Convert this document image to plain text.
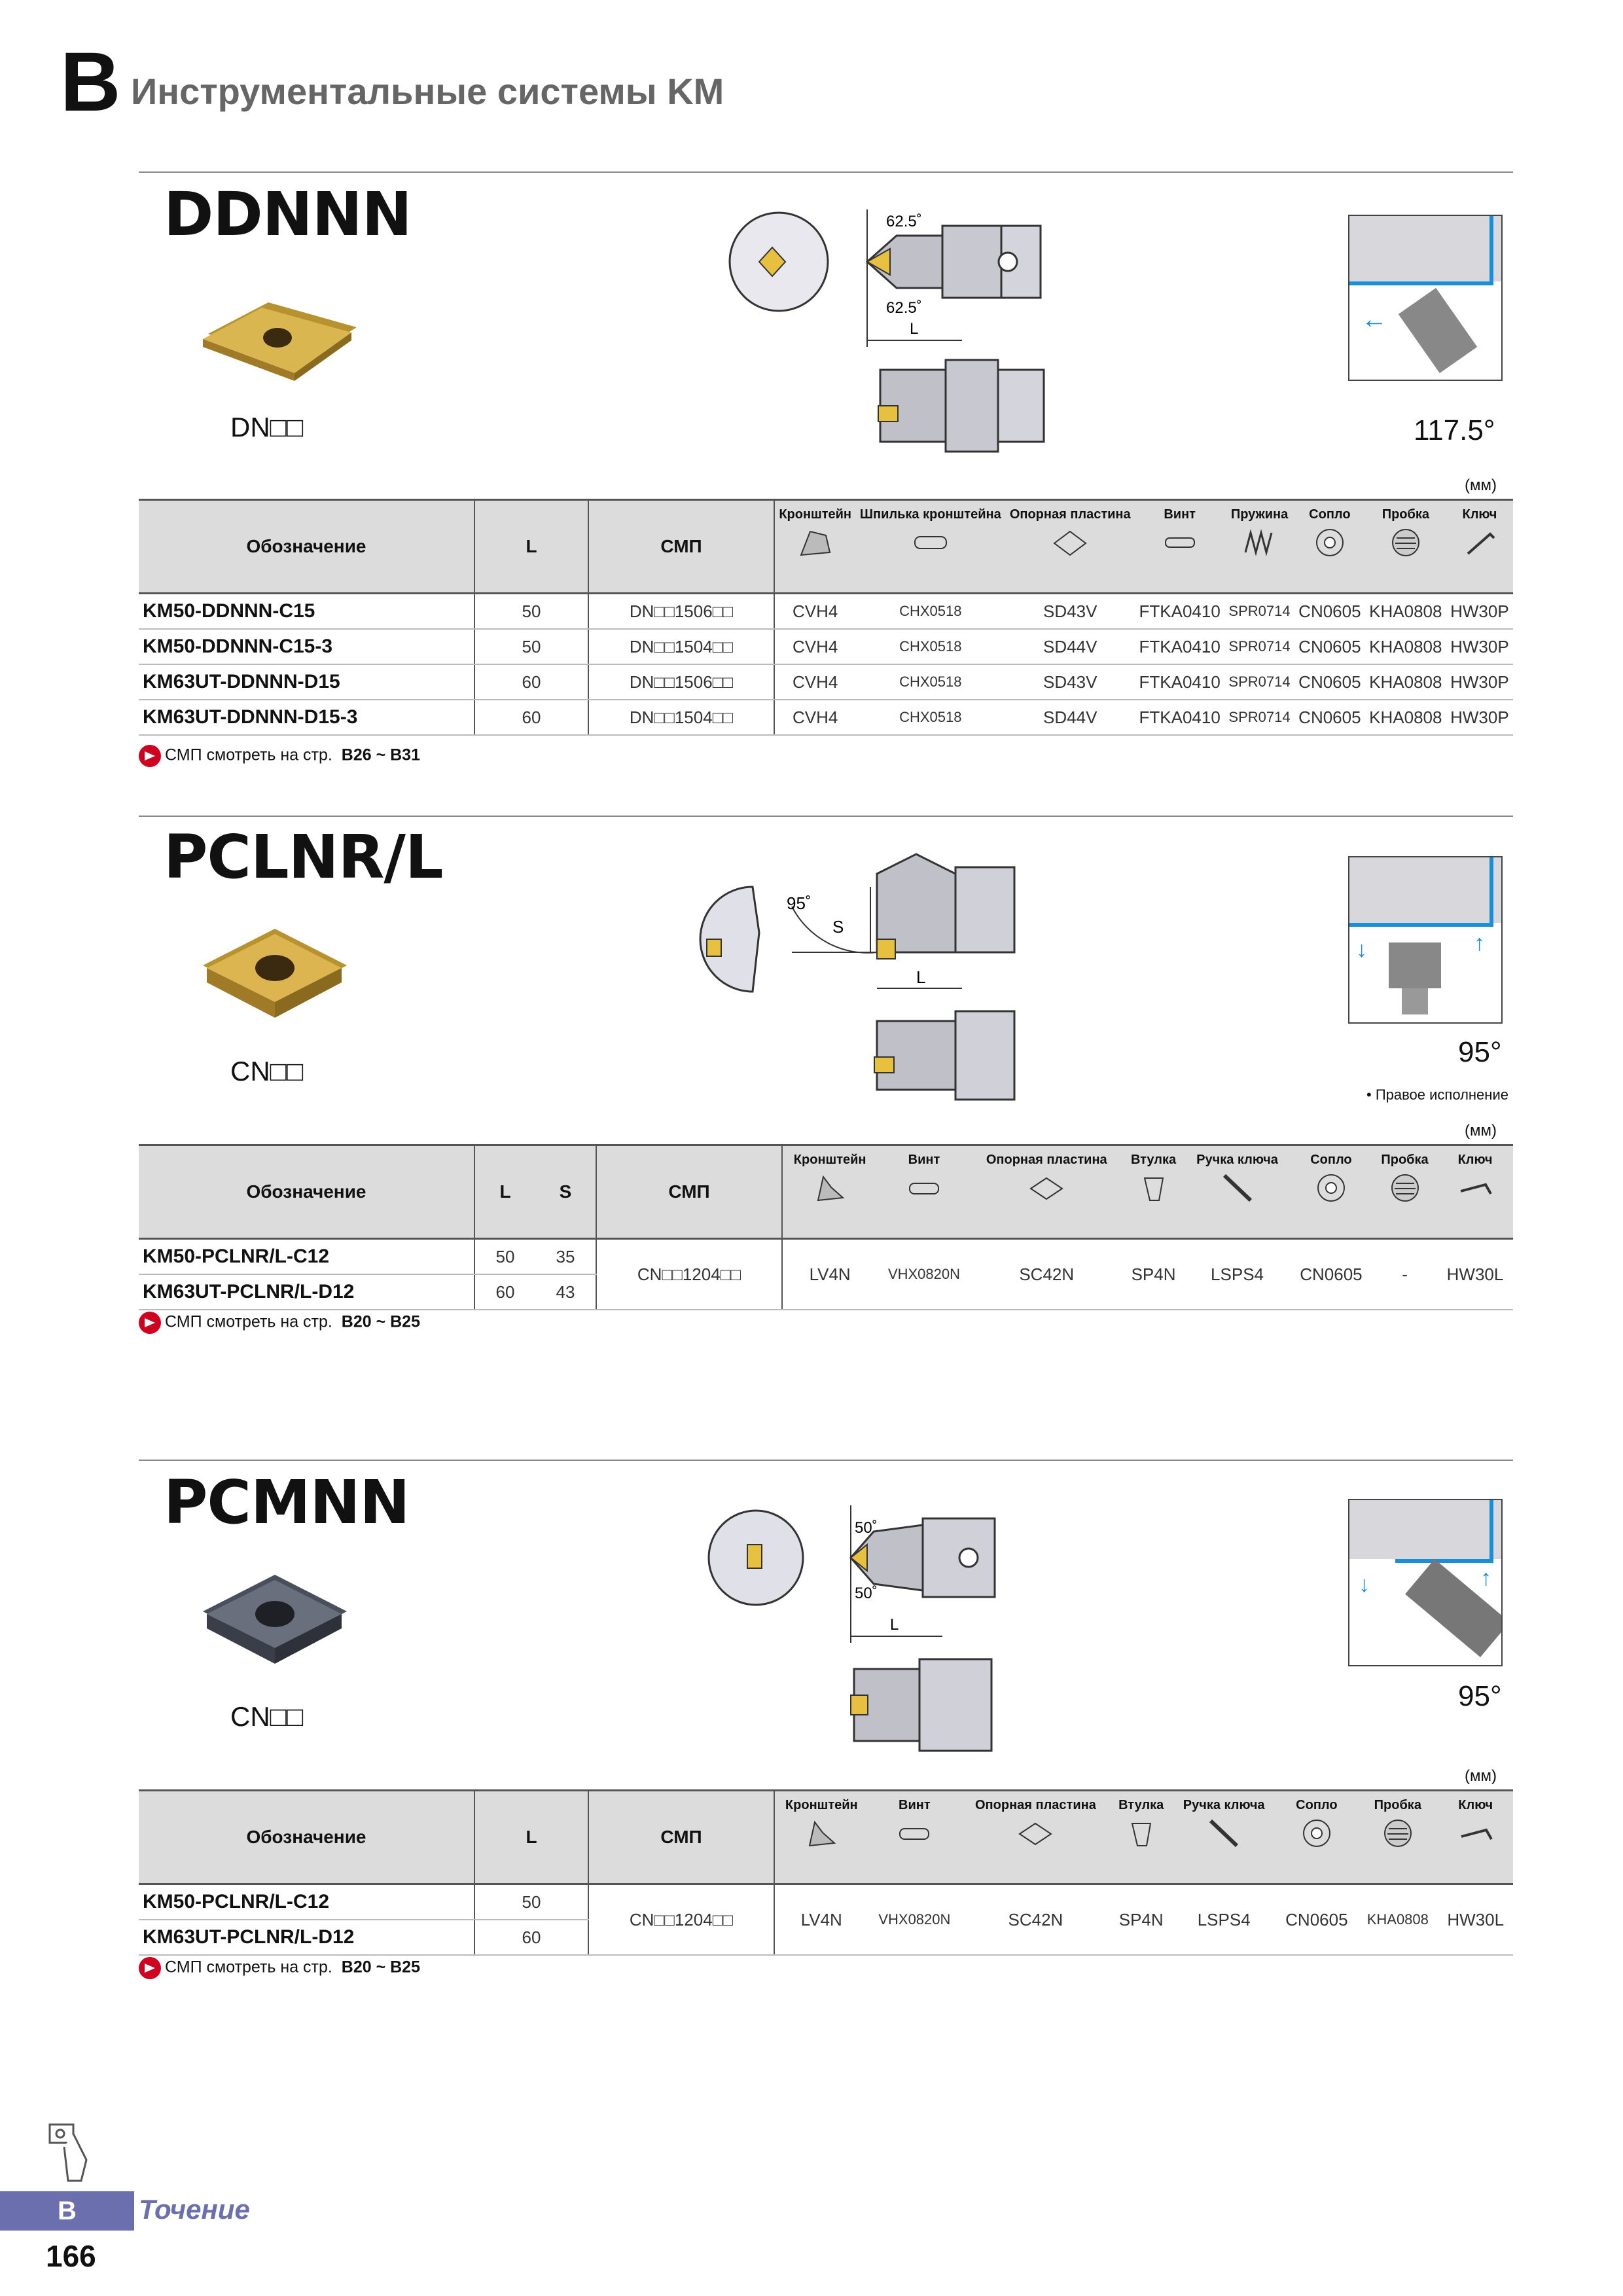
B Инструментальные системы KM
DDNNN
DN□□
62.5˚
62.5˚
L	←
117.5°
(мм)
Обозначение	L	СМП	Кронштейн	Шпилька кронштейна	Опорная пластина	Винт	Пружина	Сопло	Пробка	Ключ

KM50-DDNNN-C15	50	DN□□1506□□	CVH4	CHX0518	SD43V	FTKA0410	SPR0714	CN0605	KHA0808	HW30P
KM50-DDNNN-C15-3	50	DN□□1504□□	CVH4	CHX0518	SD44V	FTKA0410	SPR0714	CN0605	KHA0808	HW30P
KM63UT-DDNNN-D15	60	DN□□1506□□	CVH4	CHX0518	SD43V	FTKA0410	SPR0714	CN0605	KHA0808	HW30P
KM63UT-DDNNN-D15-3	60	DN□□1504□□	CVH4	CHX0518	SD44V	FTKA0410	SPR0714	CN0605	KHA0808	HW30P
СМП смотреть на стр. B26 ~ B31
PCLNR/L
CN□□
95˚
S
L
↓	↑
95°
• Правое исполнение
(мм)
Обозначение	L	S	СМП	Кронштейн	Винт	Опорная пластина	Втулка	Ручка ключа	Сопло	Пробка	Ключ

KM50-PCLNR/L-C12	50	35	CN□□1204□□	LV4N	VHX0820N	SC42N	SP4N	LSPS4	CN0605	-	HW30L
KM63UT-PCLNR/L-D12	60	43									
СМП смотреть на стр. B20 ~ B25
PCMNN
CN□□
50˚
50˚
L
↓	↑
95°
(мм)
Обозначение	L	СМП	Кронштейн	Винт	Опорная пластина	Втулка	Ручка ключа	Сопло	Пробка	Ключ

KM50-PCLNR/L-C12	50	CN□□1204□□	LV4N	VHX0820N	SC42N	SP4N	LSPS4	CN0605	KHA0808	HW30L
KM63UT-PCLNR/L-D12	60									
СМП смотреть на стр. B20 ~ B25
B	Точение
166
